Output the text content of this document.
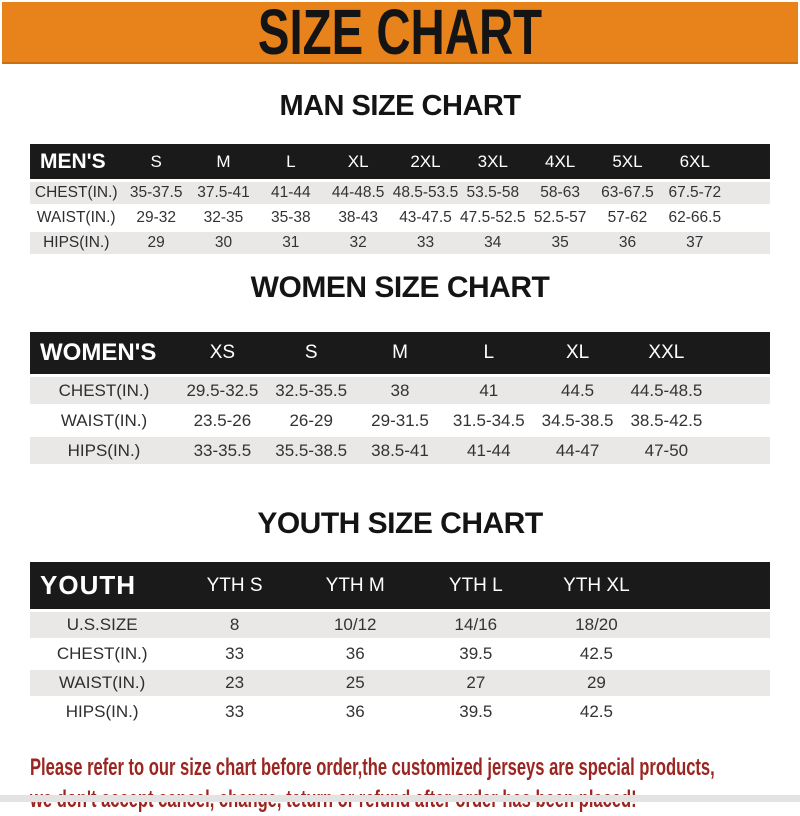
SIZE CHART
MAN SIZE CHART
MEN'S	S	M	L	XL	2XL	3XL	4XL	5XL	6XL	
CHEST(IN.)	35-37.5	37.5-41	41-44	44-48.5	48.5-53.5	53.5-58	58-63	63-67.5	67.5-72	
WAIST(IN.)	29-32	32-35	35-38	38-43	43-47.5	47.5-52.5	52.5-57	57-62	62-66.5	
HIPS(IN.)	29	30	31	32	33	34	35	36	37	
WOMEN SIZE CHART
WOMEN'S	XS	S	M	L	XL	XXL	
CHEST(IN.)	29.5-32.5	32.5-35.5	38	41	44.5	44.5-48.5	
WAIST(IN.)	23.5-26	26-29	29-31.5	31.5-34.5	34.5-38.5	38.5-42.5	
HIPS(IN.)	33-35.5	35.5-38.5	38.5-41	41-44	44-47	47-50	
YOUTH SIZE CHART
YOUTH	YTH S	YTH M	YTH L	YTH XL	
U.S.SIZE	8	10/12	14/16	18/20	
CHEST(IN.)	33	36	39.5	42.5	
WAIST(IN.)	23	25	27	29	
HIPS(IN.)	33	36	39.5	42.5	
Please refer to our size chart before order,the customized jerseys are special products,
